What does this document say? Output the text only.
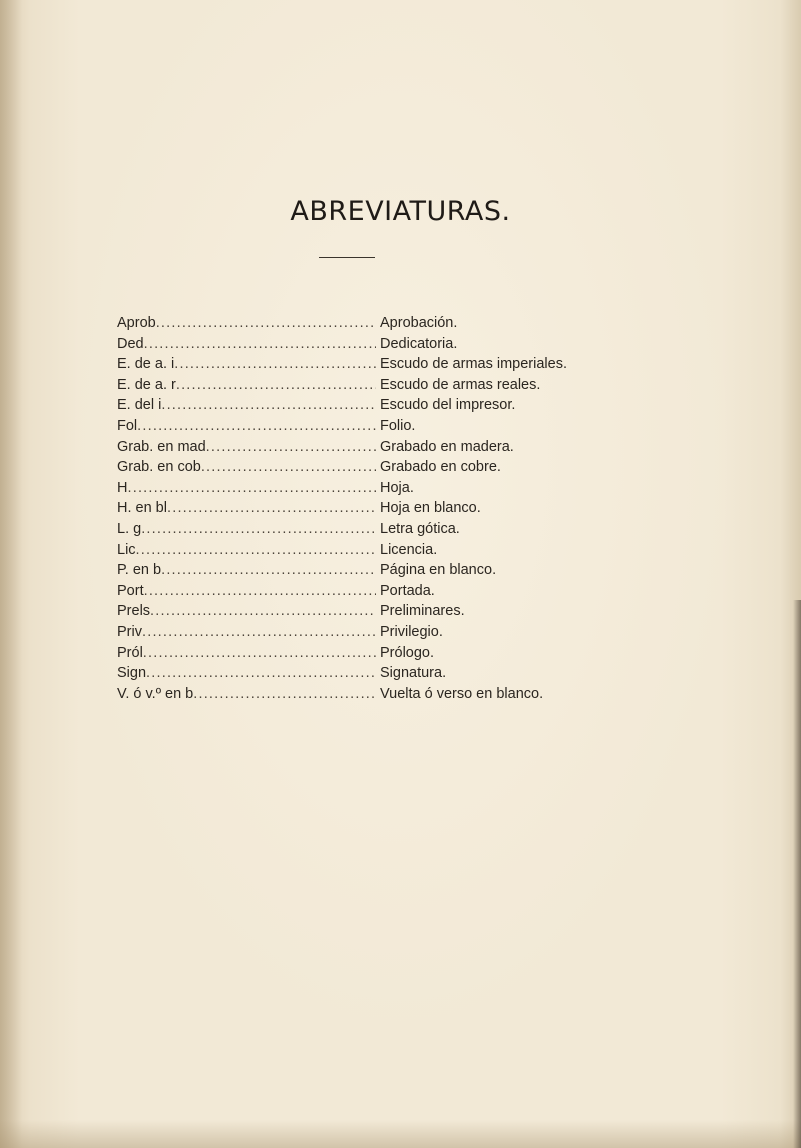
ABREVIATURAS.
Aprob .....	Aprobación.
Ded .....	Dedicatoria.
E. de a. i .....	Escudo de armas imperiales.
E. de a. r .....	Escudo de armas reales.
E. del i .....	Escudo del impresor.
Fol .....	Folio.
Grab. en mad .....	Grabado en madera.
Grab. en cob .....	Grabado en cobre.
H .....	Hoja.
H. en bl .....	Hoja en blanco.
L. g .....	Letra gótica.
Lic .....	Licencia.
P. en b .....	Página en blanco.
Port .....	Portada.
Prels .....	Preliminares.
Priv .....	Privilegio.
Pról .....	Prólogo.
Sign .....	Signatura.
V. ó v.º en b .....	Vuelta ó verso en blanco.
